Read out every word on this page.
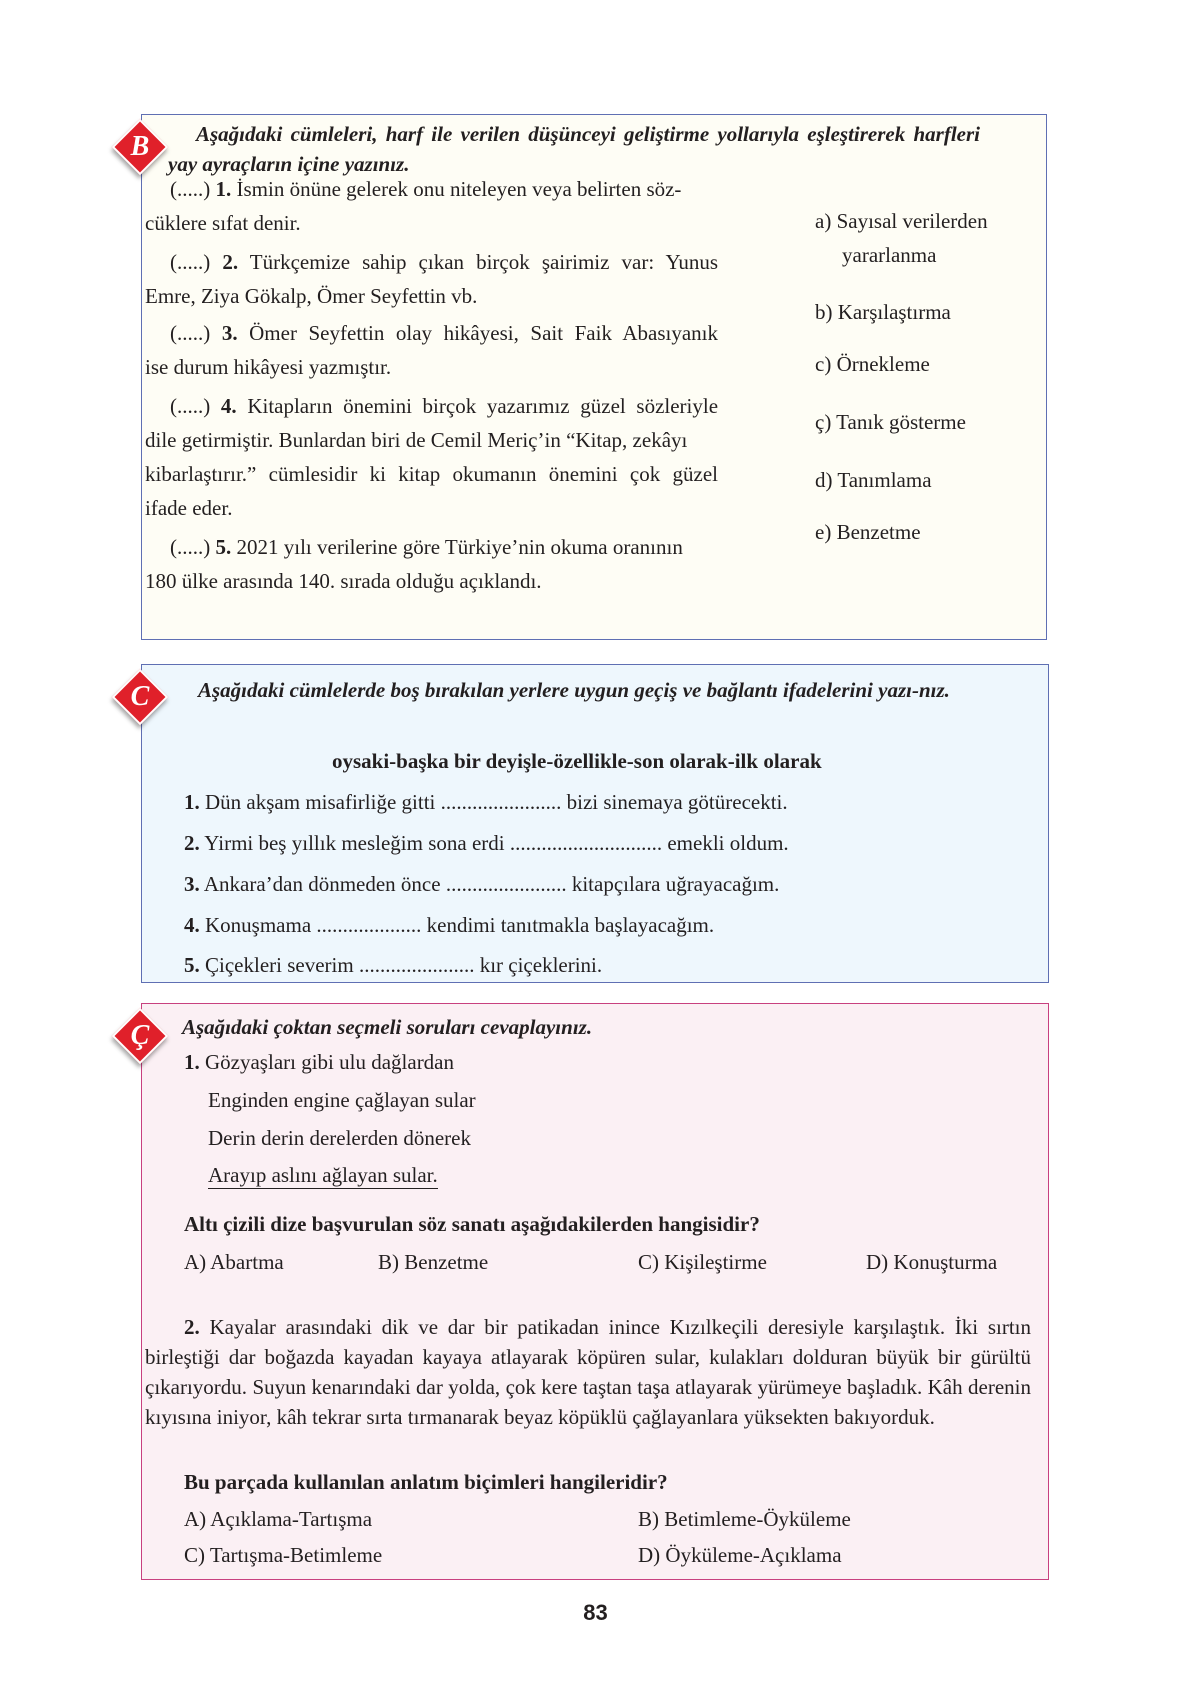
B	Aşağıdaki cümleleri, harf ile verilen düşünceyi geliştirme yollarıyla eşleştirerek harfleri yay ayraçların içine yazınız.
(.....) 1. İsmin önüne gelerek onu niteleyen veya belirten söz-
cüklere sıfat denir.
(.....) 2. Türkçemize sahip çıkan birçok şairimiz var: Yunus
Emre, Ziya Gökalp, Ömer Seyfettin vb.
(.....) 3. Ömer Seyfettin olay hikâyesi, Sait Faik Abasıyanık
ise durum hikâyesi yazmıştır.
(.....) 4. Kitapların önemini birçok yazarımız güzel sözleriyle
dile getirmiştir. Bunlardan biri de Cemil Meriç’in “Kitap, zekâyı
kibarlaştırır.” cümlesidir ki kitap okumanın önemini çok güzel
ifade eder.
(.....) 5. 2021 yılı verilerine göre Türkiye’nin okuma oranının
180 ülke arasında 140. sırada olduğu açıklandı.
a) Sayısal verilerden
yararlanma
b) Karşılaştırma
c) Örnekleme
ç) Tanık gösterme
d) Tanımlama
e) Benzetme
C	Aşağıdaki cümlelerde boş bırakılan yerlere uygun geçiş ve bağlantı ifadelerini yazı-nız.
oysaki-başka bir deyişle-özellikle-son olarak-ilk olarak
1. Dün akşam misafirliğe gitti ....................... bizi sinemaya götürecekti.
2. Yirmi beş yıllık mesleğim sona erdi ............................. emekli oldum.
3. Ankara’dan dönmeden önce ....................... kitapçılara uğrayacağım.
4. Konuşmama .................... kendimi tanıtmakla başlayacağım.
5. Çiçekleri severim ...................... kır çiçeklerini.
Ç	Aşağıdaki çoktan seçmeli soruları cevaplayınız.
1. Gözyaşları gibi ulu dağlardan
Enginden engine çağlayan sular
Derin derin derelerden dönerek
Arayıp aslını ağlayan sular.
Altı çizili dize başvurulan söz sanatı aşağıdakilerden hangisidir?
A) Abartma	B) Benzetme	C) Kişileştirme	D) Konuşturma
2. Kayalar arasındaki dik ve dar bir patikadan inince Kızılkeçili deresiyle karşılaştık. İki sırtın birleştiği dar boğazda kayadan kayaya atlayarak köpüren sular, kulakları dolduran büyük bir gürültü çıkarıyordu. Suyun kenarındaki dar yolda, çok kere taştan taşa atlayarak yürümeye başladık. Kâh derenin kıyısına iniyor, kâh tekrar sırta tırmanarak beyaz köpüklü çağlayanlara yüksekten bakıyorduk.
Bu parçada kullanılan anlatım biçimleri hangileridir?
A) Açıklama-Tartışma	B) Betimleme-Öyküleme
C) Tartışma-Betimleme	D) Öyküleme-Açıklama
83
